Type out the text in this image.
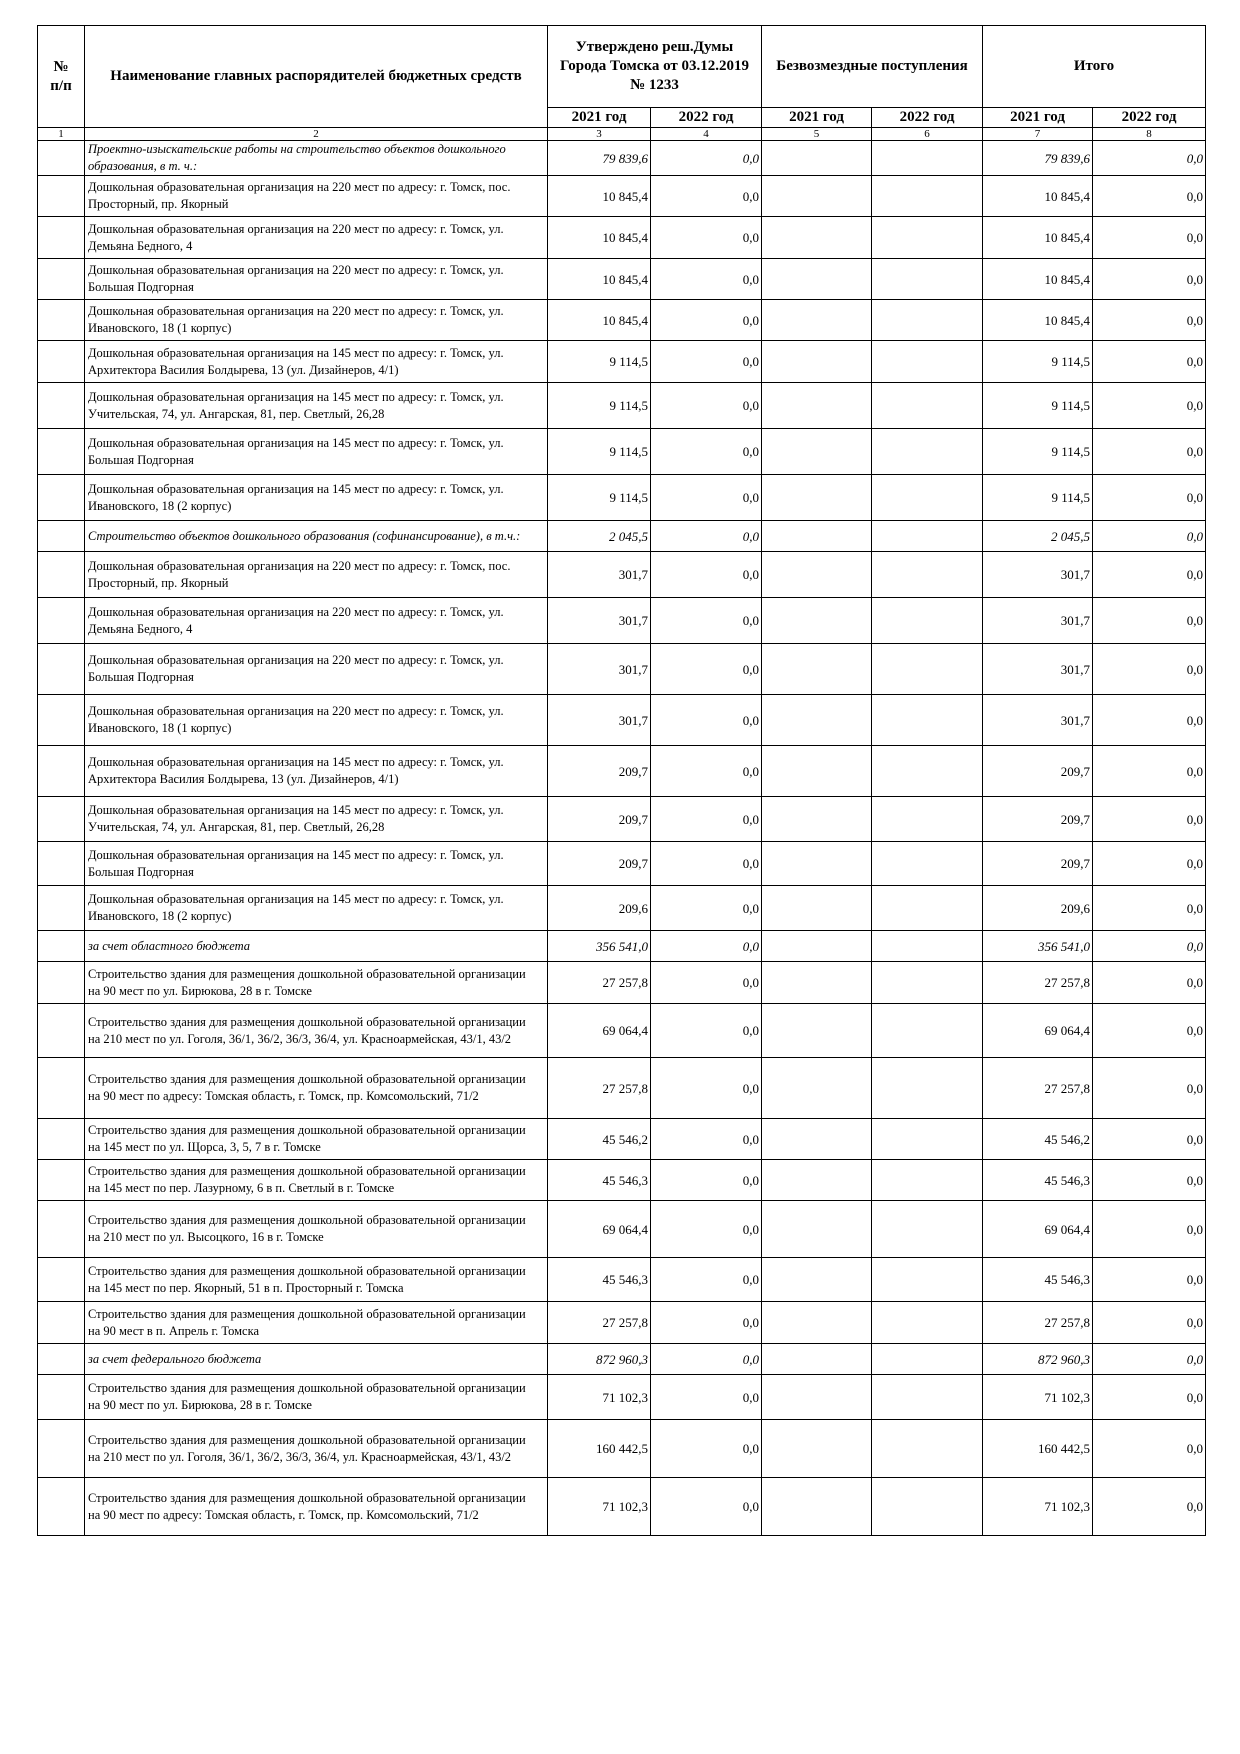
№
п/п	Наименование главных распорядителей бюджетных средств	Утверждено реш.Думы Города Томска от 03.12.2019 № 1233		Безвозмездные поступления		Итого	
		2021 год	2022 год	2021 год	2022 год	2021 год	2022 год
1	2	3	4	5	6	7	8
	Проектно-изыскательские работы на строительство объектов дошкольного образования, в т. ч.:	79 839,6	0,0			79 839,6	0,0
	Дошкольная образовательная организация на 220 мест по адресу: г. Томск, пос. Просторный, пр. Якорный	10 845,4	0,0			10 845,4	0,0
	Дошкольная образовательная организация на 220 мест по адресу: г. Томск, ул. Демьяна Бедного, 4	10 845,4	0,0			10 845,4	0,0
	Дошкольная образовательная организация на 220 мест по адресу: г. Томск, ул. Большая Подгорная	10 845,4	0,0			10 845,4	0,0
	Дошкольная образовательная организация на 220 мест по адресу: г. Томск, ул. Ивановского, 18 (1 корпус)	10 845,4	0,0			10 845,4	0,0
	Дошкольная образовательная организация на 145 мест по адресу: г. Томск, ул. Архитектора Василия Болдырева, 13 (ул. Дизайнеров, 4/1)	9 114,5	0,0			9 114,5	0,0
	Дошкольная образовательная организация на 145 мест по адресу: г. Томск, ул. Учительская, 74, ул. Ангарская, 81, пер. Светлый, 26,28	9 114,5	0,0			9 114,5	0,0
	Дошкольная образовательная организация на 145 мест по адресу: г. Томск, ул. Большая Подгорная	9 114,5	0,0			9 114,5	0,0
	Дошкольная образовательная организация на 145 мест по адресу: г. Томск, ул. Ивановского, 18 (2 корпус)	9 114,5	0,0			9 114,5	0,0
	Строительство объектов дошкольного образования (софинансирование), в т.ч.:	2 045,5	0,0			2 045,5	0,0
	Дошкольная образовательная организация на 220 мест по адресу: г. Томск, пос. Просторный, пр. Якорный	301,7	0,0			301,7	0,0
	Дошкольная образовательная организация на 220 мест по адресу: г. Томск, ул. Демьяна Бедного, 4	301,7	0,0			301,7	0,0
	Дошкольная образовательная организация на 220 мест по адресу: г. Томск, ул. Большая Подгорная	301,7	0,0			301,7	0,0
	Дошкольная образовательная организация на 220 мест по адресу: г. Томск, ул. Ивановского, 18 (1 корпус)	301,7	0,0			301,7	0,0
	Дошкольная образовательная организация на 145 мест по адресу: г. Томск, ул. Архитектора Василия Болдырева, 13 (ул. Дизайнеров, 4/1)	209,7	0,0			209,7	0,0
	Дошкольная образовательная организация на 145 мест по адресу: г. Томск, ул. Учительская, 74, ул. Ангарская, 81, пер. Светлый, 26,28	209,7	0,0			209,7	0,0
	Дошкольная образовательная организация на 145 мест по адресу: г. Томск, ул. Большая Подгорная	209,7	0,0			209,7	0,0
	Дошкольная образовательная организация на 145 мест по адресу: г. Томск, ул. Ивановского, 18 (2 корпус)	209,6	0,0			209,6	0,0
	за счет областного бюджета	356 541,0	0,0			356 541,0	0,0
	Строительство здания для размещения дошкольной образовательной организации на 90 мест по ул. Бирюкова, 28 в г. Томске	27 257,8	0,0			27 257,8	0,0
	Строительство здания для размещения дошкольной образовательной организации на 210 мест по ул. Гоголя, 36/1, 36/2, 36/3, 36/4, ул. Красноармейская, 43/1, 43/2	69 064,4	0,0			69 064,4	0,0
	Строительство здания для размещения дошкольной образовательной организации на 90 мест по адресу: Томская область, г. Томск, пр. Комсомольский, 71/2	27 257,8	0,0			27 257,8	0,0
	Строительство здания для размещения дошкольной образовательной организации на 145 мест по ул. Щорса, 3, 5, 7 в г. Томске	45 546,2	0,0			45 546,2	0,0
	Строительство здания для размещения дошкольной образовательной организации на 145 мест по пер. Лазурному, 6 в п. Светлый в г. Томске	45 546,3	0,0			45 546,3	0,0
	Строительство здания для размещения дошкольной образовательной организации на 210 мест по ул. Высоцкого, 16 в г. Томске	69 064,4	0,0			69 064,4	0,0
	Строительство здания для размещения дошкольной образовательной организации на 145 мест по пер. Якорный, 51 в п. Просторный г. Томска	45 546,3	0,0			45 546,3	0,0
	Строительство здания для размещения дошкольной образовательной организации на 90 мест в п. Апрель г. Томска	27 257,8	0,0			27 257,8	0,0
	за счет федерального бюджета	872 960,3	0,0			872 960,3	0,0
	Строительство здания для размещения дошкольной образовательной организации на 90 мест по ул. Бирюкова, 28 в г. Томске	71 102,3	0,0			71 102,3	0,0
	Строительство здания для размещения дошкольной образовательной организации на 210 мест по ул. Гоголя, 36/1, 36/2, 36/3, 36/4, ул. Красноармейская, 43/1, 43/2	160 442,5	0,0			160 442,5	0,0
	Строительство здания для размещения дошкольной образовательной организации на 90 мест по адресу: Томская область, г. Томск, пр. Комсомольский, 71/2	71 102,3	0,0			71 102,3	0,0
